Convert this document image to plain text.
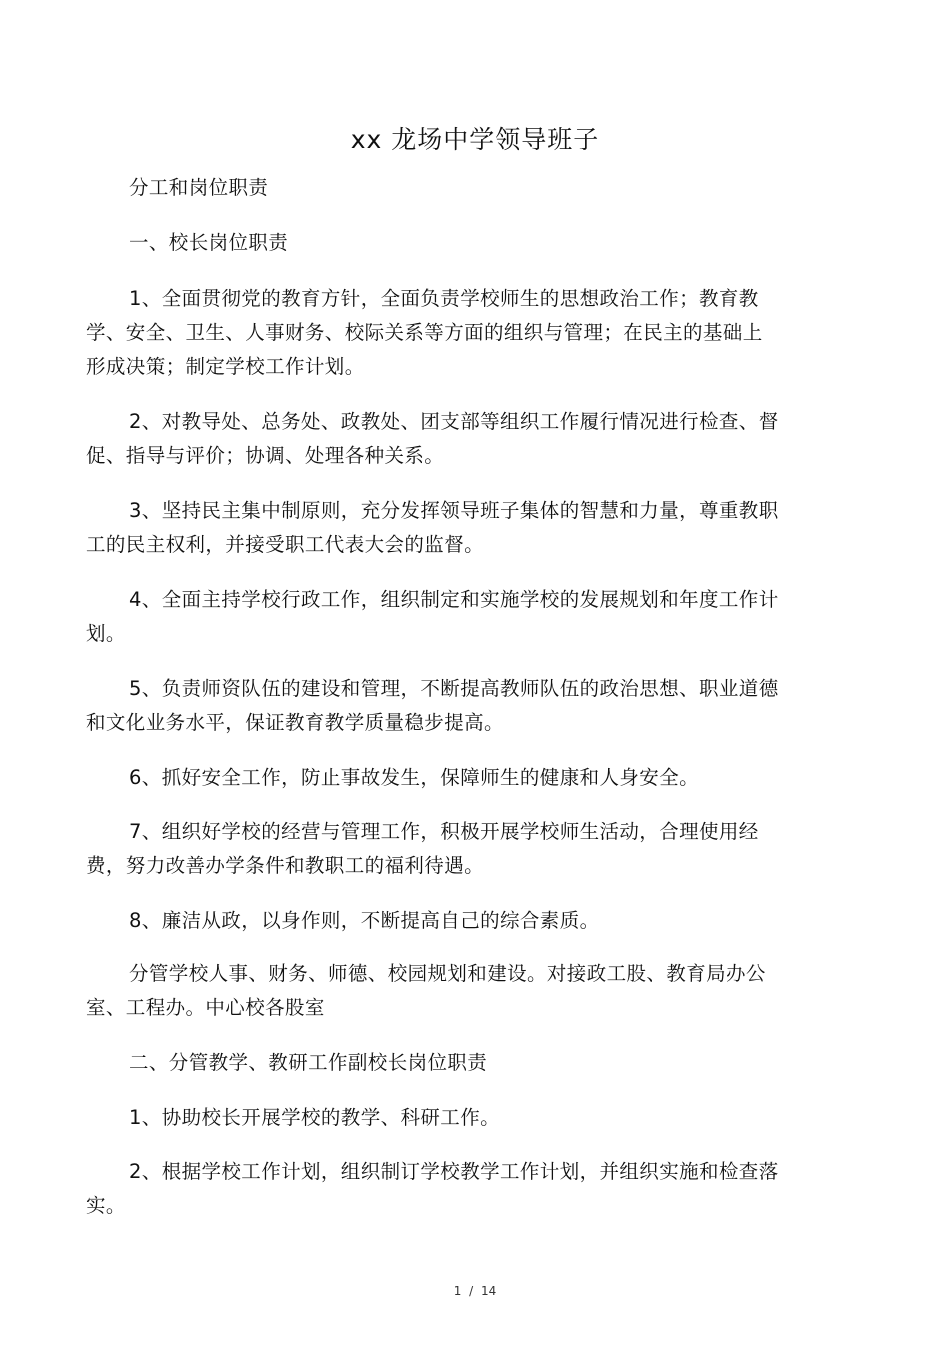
xx 龙场中学领导班子
分工和岗位职责
一、校长岗位职责
1、全面贯彻党的教育方针，全面负责学校师生的思想政治工作；教育教
学、安全、卫生、人事财务、校际关系等方面的组织与管理；在民主的基础上
形成决策；制定学校工作计划。
2、对教导处、总务处、政教处、团支部等组织工作履行情况进行检查、督
促、指导与评价；协调、处理各种关系。
3、坚持民主集中制原则，充分发挥领导班子集体的智慧和力量，尊重教职
工的民主权利，并接受职工代表大会的监督。
4、全面主持学校行政工作，组织制定和实施学校的发展规划和年度工作计
划。
5、负责师资队伍的建设和管理，不断提高教师队伍的政治思想、职业道德
和文化业务水平，保证教育教学质量稳步提高。
6、抓好安全工作，防止事故发生，保障师生的健康和人身安全。
7、组织好学校的经营与管理工作，积极开展学校师生活动，合理使用经
费，努力改善办学条件和教职工的福利待遇。
8、廉洁从政，以身作则，不断提高自己的综合素质。
分管学校人事、财务、师德、校园规划和建设。对接政工股、教育局办公
室、工程办。中心校各股室
二、分管教学、教研工作副校长岗位职责
1、协助校长开展学校的教学、科研工作。
2、根据学校工作计划，组织制订学校教学工作计划，并组织实施和检查落
实。
1 / 14
